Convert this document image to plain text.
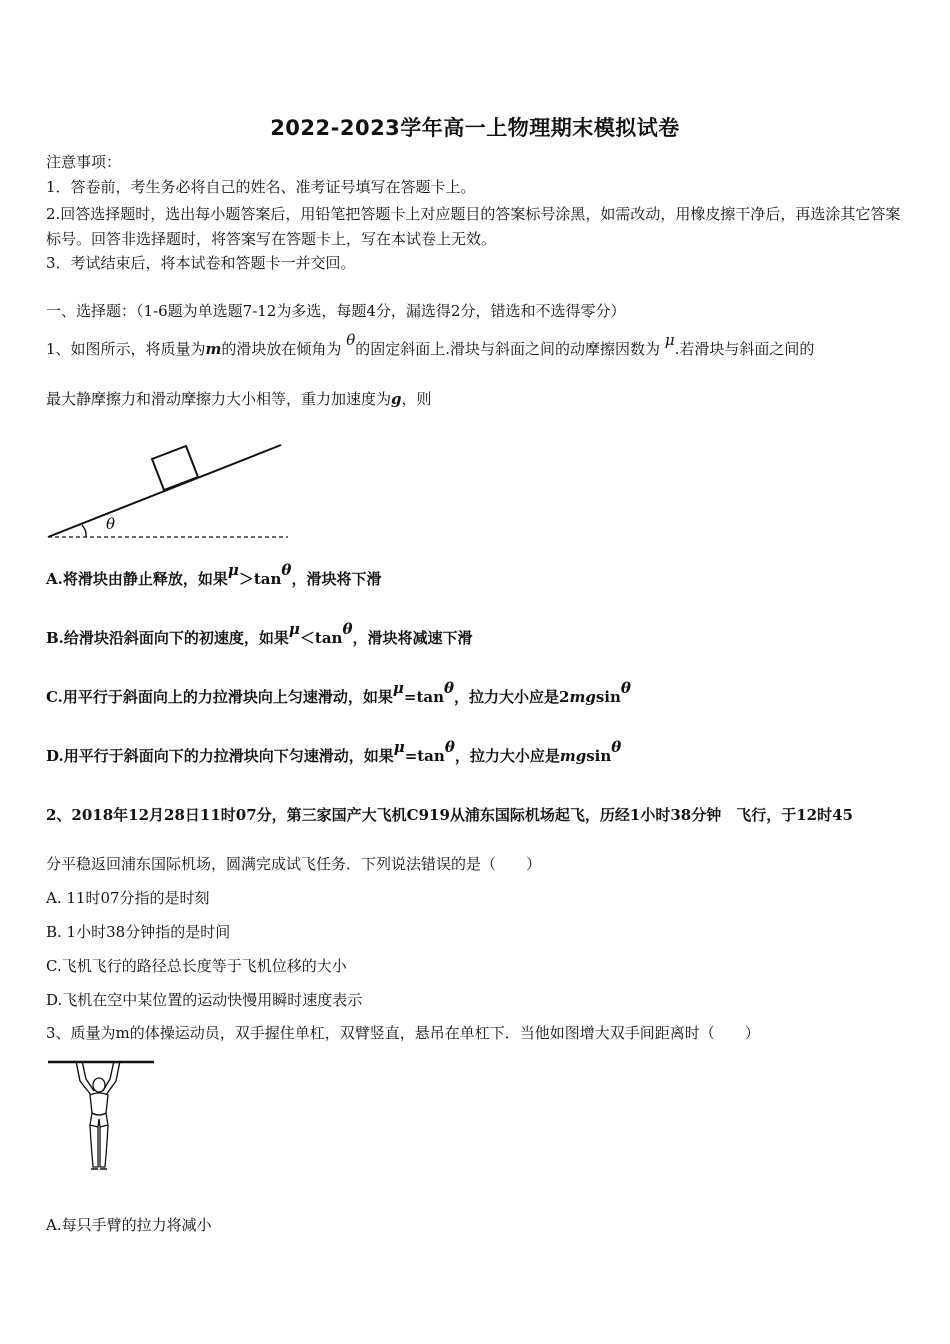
2022-2023学年高一上物理期末模拟试卷
注意事项：
1．答卷前，考生务必将自己的姓名、准考证号填写在答题卡上。
2.回答选择题时，选出每小题答案后，用铅笔把答题卡上对应题目的答案标号涂黑，如需改动，用橡皮擦干净后，再选涂其它答案标号。回答非选择题时，将答案写在答题卡上，写在本试卷上无效。
3．考试结束后，将本试卷和答题卡一并交回。
一、选择题：（1-6题为单选题7-12为多选，每题4分，漏选得2分，错选和不选得零分）
1、如图所示，将质量为m的滑块放在倾角为 θ的固定斜面上.滑块与斜面之间的动摩擦因数为 μ.若滑块与斜面之间的
最大静摩擦力和滑动摩擦力大小相等，重力加速度为g，则
θ
A.将滑块由静止释放，如果μ＞tanθ，滑块将下滑
B.给滑块沿斜面向下的初速度，如果μ＜tanθ，滑块将减速下滑
C.用平行于斜面向上的力拉滑块向上匀速滑动，如果μ=tanθ，拉力大小应是2mgsinθ
D.用平行于斜面向下的力拉滑块向下匀速滑动，如果μ=tanθ，拉力大小应是mgsinθ
2、2018年12月28日11时07分，第三家国产大飞机C919从浦东国际机场起飞，历经1小时38分钟　飞行，于12时45
分平稳返回浦东国际机场，圆满完成试飞任务．下列说法错误的是（　　）
A. 11时07分指的是时刻
B. 1小时38分钟指的是时间
C.飞机飞行的路径总长度等于飞机位移的大小
D.飞机在空中某位置的运动快慢用瞬时速度表示
3、质量为m的体操运动员，双手握住单杠，双臂竖直，悬吊在单杠下．当他如图增大双手间距离时（　　）
A.每只手臂的拉力将减小
